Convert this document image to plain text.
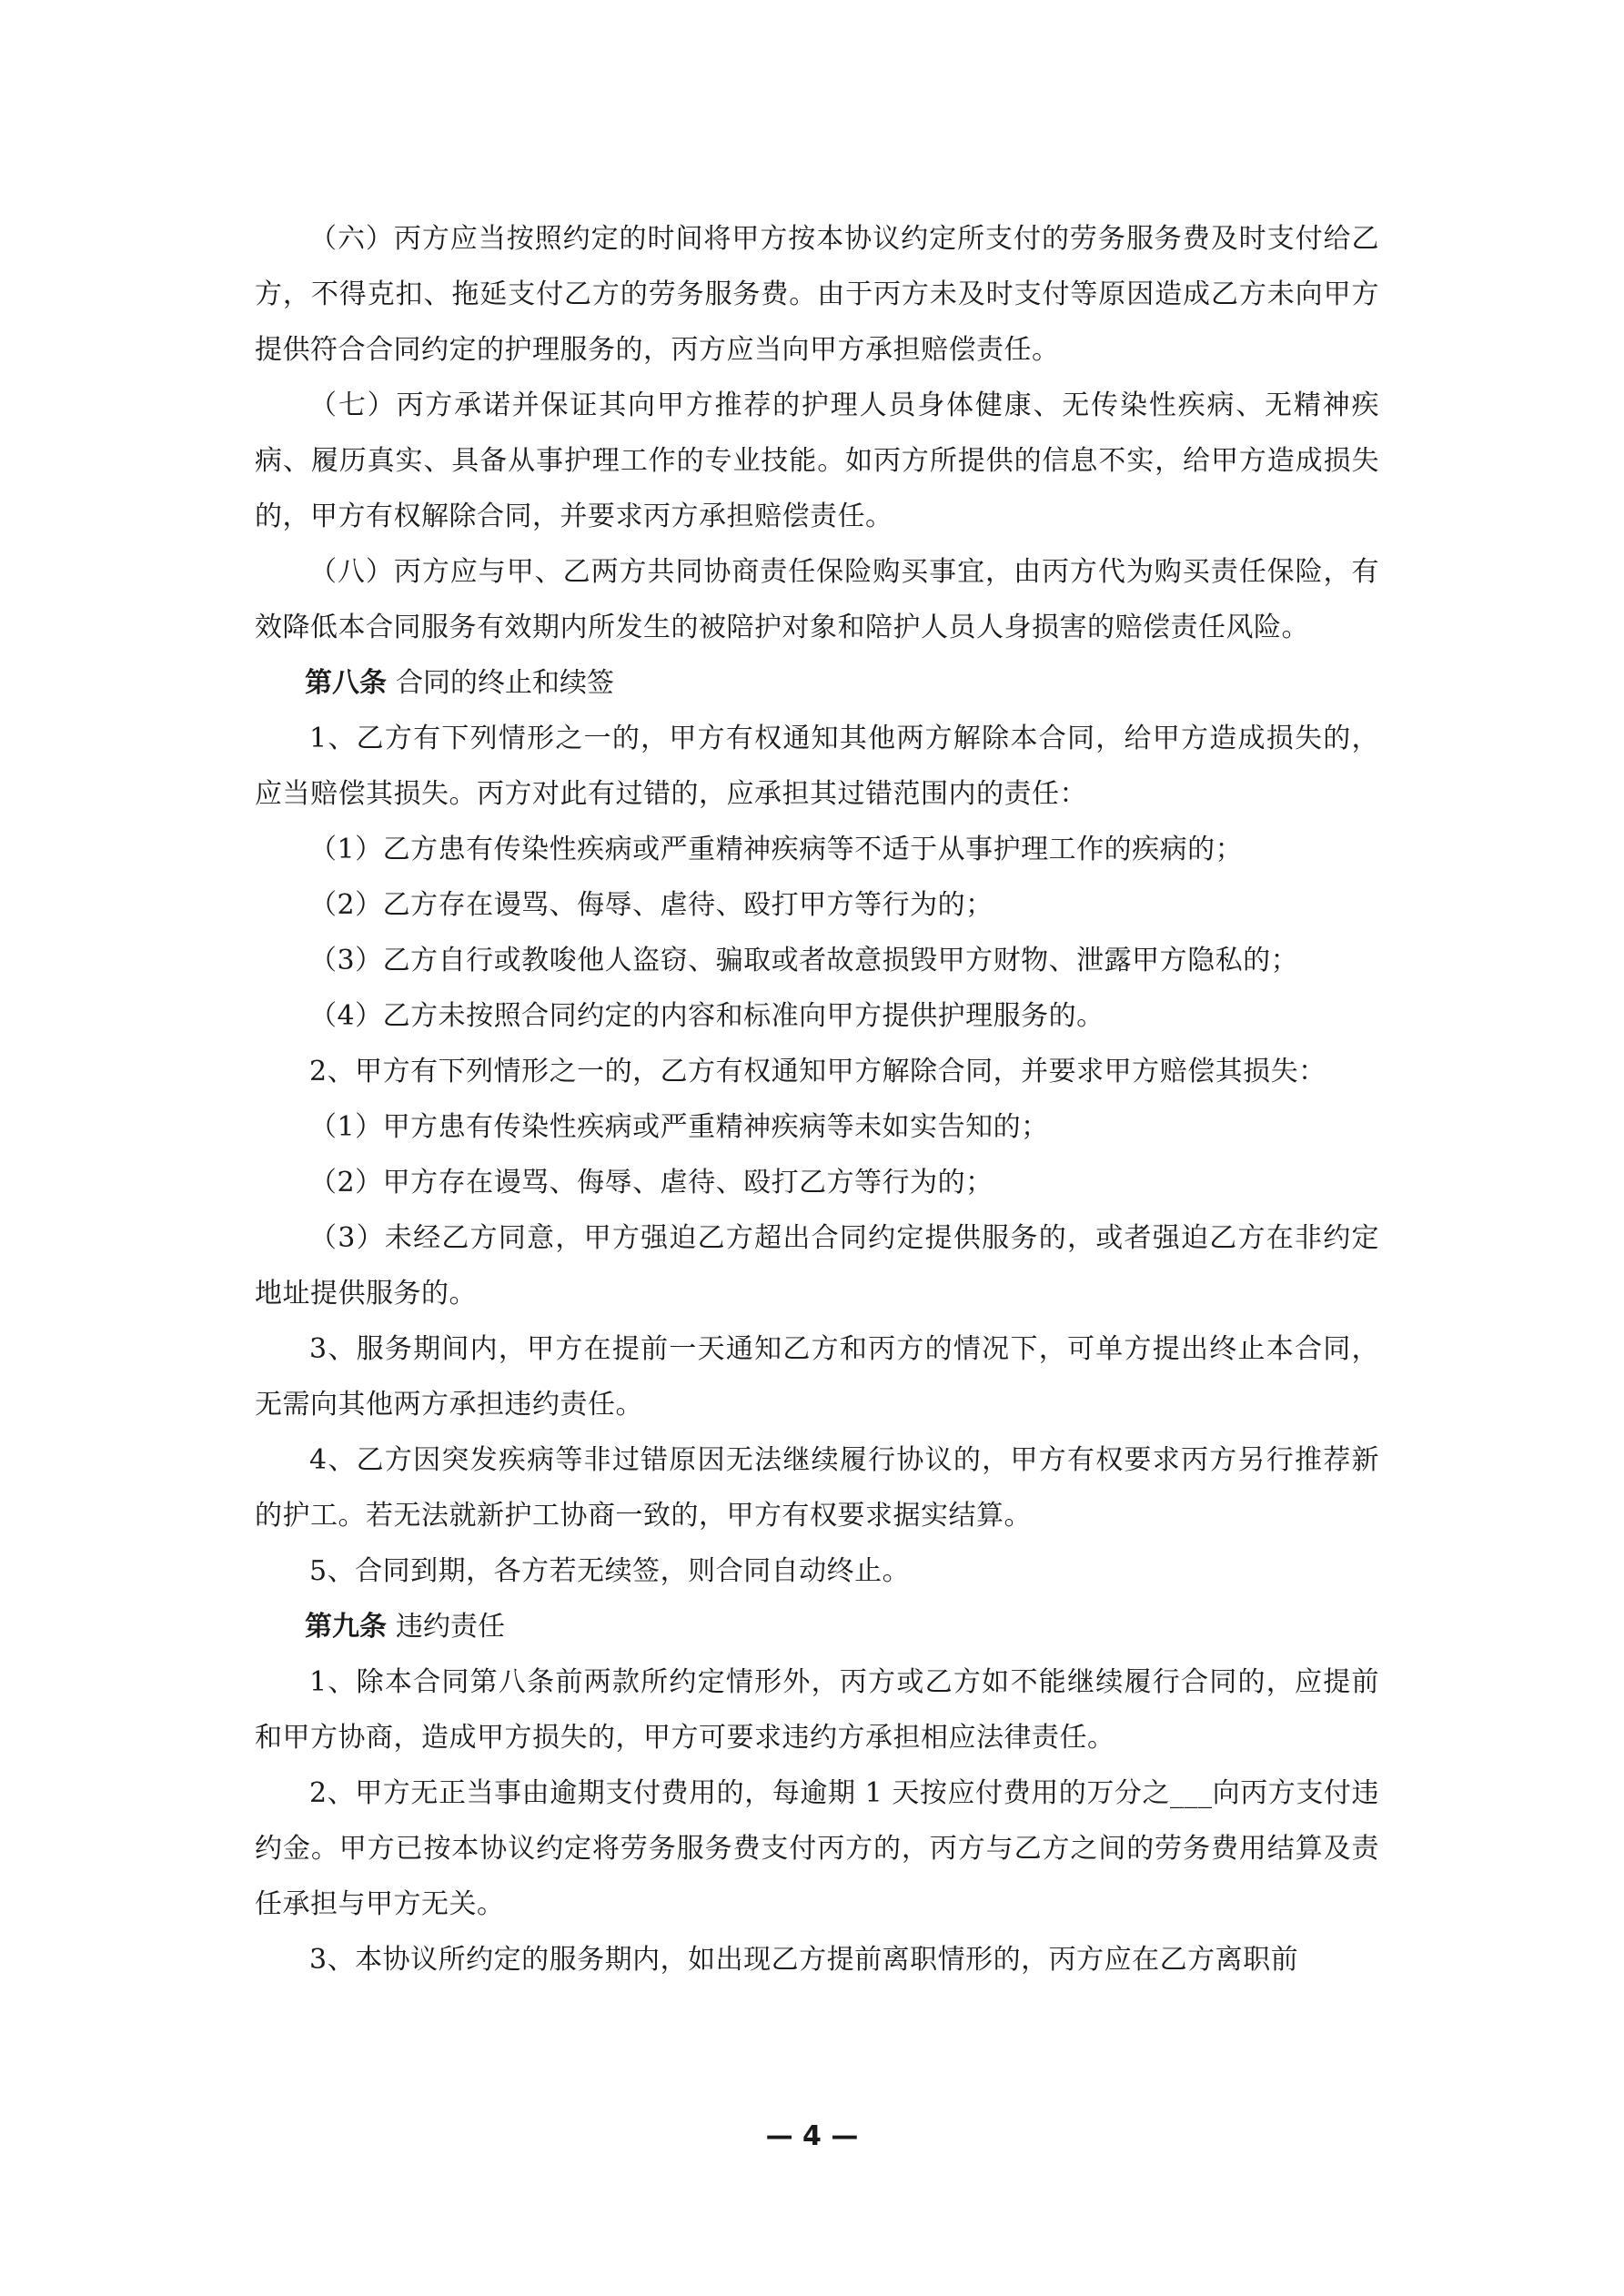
（六）丙方应当按照约定的时间将甲方按本协议约定所支付的劳务服务费及时支付给乙方，不得克扣、拖延支付乙方的劳务服务费。由于丙方未及时支付等原因造成乙方未向甲方提供符合合同约定的护理服务的，丙方应当向甲方承担赔偿责任。

（七）丙方承诺并保证其向甲方推荐的护理人员身体健康、无传染性疾病、无精神疾病、履历真实、具备从事护理工作的专业技能。如丙方所提供的信息不实，给甲方造成损失的，甲方有权解除合同，并要求丙方承担赔偿责任。

（八）丙方应与甲、乙两方共同协商责任保险购买事宜，由丙方代为购买责任保险，有效降低本合同服务有效期内所发生的被陪护对象和陪护人员人身损害的赔偿责任风险。

第八条 合同的终止和续签

1、乙方有下列情形之一的，甲方有权通知其他两方解除本合同，给甲方造成损失的，应当赔偿其损失。丙方对此有过错的，应承担其过错范围内的责任：

（1）乙方患有传染性疾病或严重精神疾病等不适于从事护理工作的疾病的；

（2）乙方存在谩骂、侮辱、虐待、殴打甲方等行为的；

（3）乙方自行或教唆他人盗窃、骗取或者故意损毁甲方财物、泄露甲方隐私的；

（4）乙方未按照合同约定的内容和标准向甲方提供护理服务的。

2、甲方有下列情形之一的，乙方有权通知甲方解除合同，并要求甲方赔偿其损失：

（1）甲方患有传染性疾病或严重精神疾病等未如实告知的；

（2）甲方存在谩骂、侮辱、虐待、殴打乙方等行为的；

（3）未经乙方同意，甲方强迫乙方超出合同约定提供服务的，或者强迫乙方在非约定地址提供服务的。

3、服务期间内，甲方在提前一天通知乙方和丙方的情况下，可单方提出终止本合同，无需向其他两方承担违约责任。

4、乙方因突发疾病等非过错原因无法继续履行协议的，甲方有权要求丙方另行推荐新的护工。若无法就新护工协商一致的，甲方有权要求据实结算。

5、合同到期，各方若无续签，则合同自动终止。

第九条 违约责任

1、除本合同第八条前两款所约定情形外，丙方或乙方如不能继续履行合同的，应提前和甲方协商，造成甲方损失的，甲方可要求违约方承担相应法律责任。

2、甲方无正当事由逾期支付费用的，每逾期 1 天按应付费用的万分之___向丙方支付违约金。甲方已按本协议约定将劳务服务费支付丙方的，丙方与乙方之间的劳务费用结算及责任承担与甲方无关。

3、本协议所约定的服务期内，如出现乙方提前离职情形的，丙方应在乙方离职前

— 4 —
